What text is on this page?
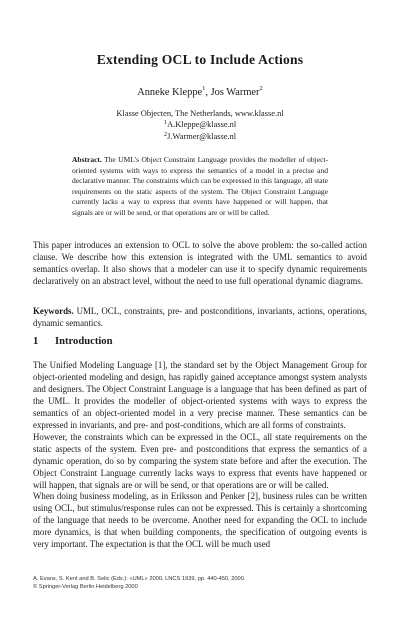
Extending OCL to Include Actions
Anneke Kleppe$^1$, Jos Warmer$^2$
Klasse Objecten, The Netherlands, www.klasse.nl
$^1$A.Kleppe@klasse.nl
$^2$J.Warmer@klasse.nl
Abstract. The UML's Object Constraint Language provides the modeller of object-oriented systems with ways to express the semantics of a model in a precise and declarative manner. The constraints which can be expressed in this language, all state requirements on the static aspects of the system. The Object Constraint Language currently lacks a way to express that events have happened or will happen, that signals are or will be send, or that operations are or will be called.
This paper introduces an extension to OCL to solve the above problem: the so-called action clause. We describe how this extension is integrated with the UML semantics to avoid semantics overlap. It also shows that a modeler can use it to specify dynamic requirements declaratively on an abstract level, without the need to use full operational dynamic diagrams.
Keywords. UML, OCL, constraints, pre- and postconditions, invariants, actions, operations, dynamic semantics.
1 Introduction

The Unified Modeling Language [1], the standard set by the Object Management Group for object-oriented modeling and design, has rapidly gained acceptance amongst system analysts and designers. The Object Constraint Language is a language that has been defined as part of the UML. It provides the modeller of object-oriented systems with ways to express the semantics of an object-oriented model in a very precise manner. These semantics can be expressed in invariants, and pre- and post-conditions, which are all forms of constraints.

However, the constraints which can be expressed in the OCL, all state requirements on the static aspects of the system. Even pre- and postconditions that express the semantics of a dynamic operation, do so by comparing the system state before and after the execution. The Object Constraint Language currently lacks ways to express that events have happened or will happen, that signals are or will be send, or that operations are or will be called.

When doing business modeling, as in Eriksson and Penker [2], business rules can be written using OCL, but stimulus/response rules can not be expressed. This is certainly a shortcoming of the language that needs to be overcome. Another need for expanding the OCL to include more dynamics, is that when building components, the specification of outgoing events is very important. The expectation is that the OCL will be much used

A. Evans, S. Kent and B. Selic (Eds.): «UML» 2000, LNCS 1939, pp. 440-450, 2000.
© Springer-Verlag Berlin Heidelberg 2000
